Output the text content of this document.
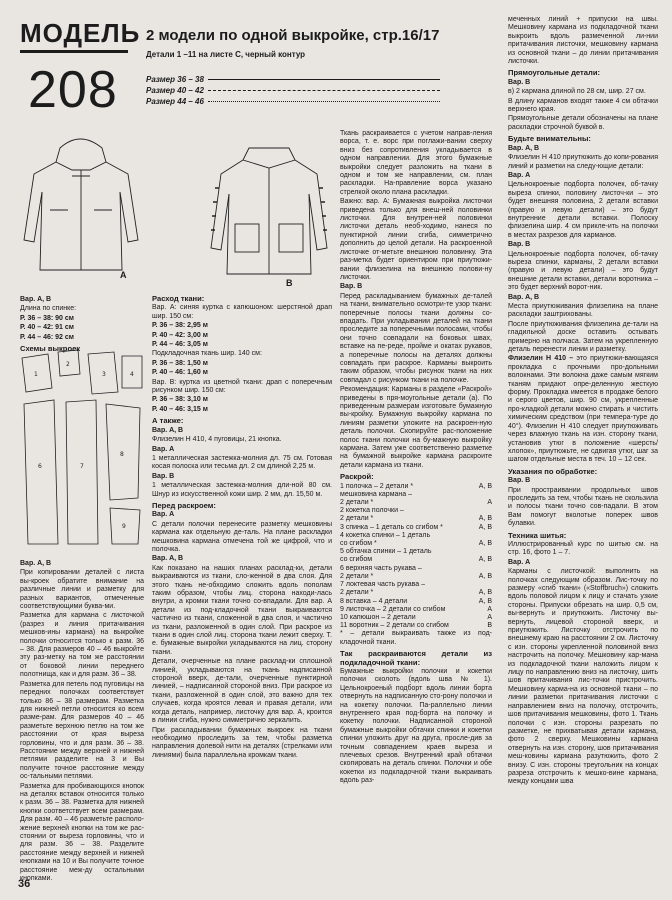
МОДЕЛЬ
208
2 модели по одной выкройке, стр.16/17
Детали 1 –11 на листе С, черный контур
Размер 36 – 38
Размер 40 – 42
Размер 44 – 46
A
B

Вар. А, В

Длина по спинке:

Р. 36 – 38: 90 см

Р. 40 – 42: 91 см

Р. 44 – 46: 92 см

Схемы выкроек

1
2
3	4
6	7
8
9

Вар. А, В

При копировании деталей с листа вы-кроек обратите внимание на различные линии и разметку для разных вариантов, отмеченные соответствующими буква-ми.

Разметка для кармана с листочкой (разрез и линия притачивания мешков-ины кармана) на выкройке полочки относится только к разм. 36 – 38. Для размеров 40 – 46 выкройте эту раз-метку на том же расстоянии от боковой линии переднего полотнища, как и для разм. 36 – 38.

Разметка для петель под пуговицы на передних полочках соответствует только 86 – 38 размерам. Разметка для нижней петли относится ко всем разме-рам. Для размеров 40 – 46 разметьте верхнюю петлю на том же расстоянии от края выреза горловины, что и для разм. 36 – 38. Расстояние между верхней и нижней петлями разделите на 3 и Вы получите точное расстояние между ос-тальными петлями.

Разметка для пробивающихся кнопок на деталях вставок относится только к разм. 36 – 38. Разметка для нижней кнопки соответствует всем размерам. Для разм. 40 – 46 разметьте располо-жение верхней кнопки на том же рас-стоянии от выреза горловины, что и для разм. 36 – 38. Разделите расстояние между верхней и нижней кнопками на 10 и Вы получите точное расстояние меж-ду остальными кнопками.

Расход ткани:

Вар. А: синяя куртка с капюшоном: шерстяной драп шир. 150 см:

Р. 36 – 38: 2,95 м

Р. 40 – 42: 3,00 м

Р. 44 – 46: 3,05 м

Подкладочная ткань шир. 140 см:

Р. 36 – 38: 1,50 м

Р. 40 – 46: 1,60 м

Вар. В: куртка из цветной ткани: драп с поперечным рисунком шир. 150 см:

Р. 36 – 38: 3,10 м

Р. 40 – 46: 3,15 м

А также:

Вар. А, В

Флизелин Н 410, 4 пуговицы, 21 кнопка.

Вар. А

1 металлическая застежка-молния дл. 75 см. Готовая косая полоска или тесьма дл. 2 см длиной 2,25 м.

Вар. В

1 металлическая застежка-молния дли-ной 80 см. Шнур из искусственной кожи шир. 2 мм, дл. 15,50 м.

Перед раскроем:

Вар. А

С детали полочки перенесите разметку мешковины кармана как отдельную де-таль. На плане раскладки мешковина кармана отмечена той же цифрой, что и полочка.

Вар. А, В

Как показано на наших планах расклад-ки, детали выкраиваются из ткани, сло-женной в два слоя. Для этого ткань не-обходимо сложить вдоль пополам таким образом, чтобы лиц. сторона находи-лась внутри, а кромки ткани точно со-впадали. Для вар. А детали из под-кладочной ткани выкраиваются частично из ткани, сложенной в два слоя, и частично из ткани, разложенной в один слой. При раскрое из ткани в один слой лиц. сторона ткани лежит сверху. Т. е. бумажные выкройки укладываются на лиц. сторону ткани.

Детали, очерченные на плане расклад-ки сплошной линией, укладываются на ткань надписанной стороной вверх, де-тали, очерченные пунктирной линией, – надписанной стороной вниз. При раскрое из ткани, разложенной в один слой, это важно для тех случаев, когда кроятся левая и правая детали, или когда деталь, например, листочку для вар. А, кроится в линии сгиба, нужно симметрично зеркалить.

При раскладывании бумажных выкроек на ткани необходимо проследить за тем, чтобы разметка направления долевой нити на деталях (стрелками или линиями) была параллельна кромкам ткани.

Ткань раскраивается с учетом направ-ления ворса, т. е. ворс при поглажи-вании сверху вниз без сопротивления укладывается в одном направлении. Для этого бумажные выкройки следует разложить на ткани в одном и том же направлении, см. план раскладки. На-правление ворса указано стрелкой около плана раскладки.

Важно: вар. А: Бумажная выкройка листочки приведена только для внеш-ней половинки листочки. Для внутрен-ней половинки листочки деталь необ-ходимо, нанеся по пунктирной линии сгиба, симметрично дополнить до целой детали. На раскроенной листочке от-метьте внешнюю половинку. Эта раз-метка будет ориентиром при приутюжи-вании флизелина на внешнюю полови-ну листочки.

Вар. В

Перед раскладыванием бумажных де-талей на ткани, внимательно осмотри-те узор ткани: поперечные полосы ткани должны со-впадать. При укладывании деталей на ткани проследите за поперечными полосами, чтобы они точно совпадали на боковых швах, вставке на пе-реде, пройме и окатах рукавов, а поперечные полосы на деталях должны совпадать при раскрое. Карманы выкроить таким образом, чтобы рисунок ткани на них совпадал с рисунком ткани на полочке.

Рекомендация: Карманы в разделе «Раскрой» приведены в пря-моугольные детали (а). По приведенным размерам изготовьте бумажную вы-кройку. Бумажную выкройку кармана по линиям разметки уложите на раскроен-ную деталь полочки. Скопируйте рас-положение полос ткани полочки на бу-мажную выкройку кармана. Затем уже соответственно разметке на бумажной выкройке кармана раскроите детали кармана из ткани.

Раскрой:

1 полочка – 2 детали *	А, В
мешковина кармана –	
2 детали *	А
2 кокетка полочки –	
2 детали *	А, В
3 спинка – 1 деталь со сгибом *	А, В
4 кокетка спинки – 1 деталь	
со сгибом *	А, В
5 обтачка спинки – 1 деталь	
со сгибом	А, В
6 верхняя часть рукава –	
2 детали *	А, В
7 локтевая часть рукава –	
2 детали *	А, В
8 вставка – 4 детали	А, В
9 листочка – 2 детали со сгибом	А
10 капюшон – 2 детали	А
11 воротник – 2 детали со сгибом	В

* – детали выкраивать также из под-кладочной ткани.

Так раскраиваются детали из подкладочной ткани:

Бумажные выкройки полочки и кокетки полочки сколоть (вдоль шва № 1). Цельнокроеный подборт вдоль линии борта отвернуть на надписанную сто-рону полочки и на кокетку полочки. Па-раллельно линии внутреннего края под-борта на полочку и кокетку полочки. Надписанной стороной бумажные выкройки обтачки спинки и кокетки спинки уложить друг на друга, просле-див за точным совпадением краев выреза и плечевых срезов. Внутренний край обтачки скопировать на деталь спинки. Полочки и обе кокетки из подкладочной ткани выкраивать вдоль раз-

меченных линий + припуски на швы. Мешковину кармана из подкладочной ткани выкроить вдоль размеченной ли-нии притачивания листочки, мешковину кармана из основной ткани – до линии притачивания листочки.

Прямоугольные детали:

Вар. В

в) 2 кармана длиной по 28 см, шир. 27 см.

В длину карманов входят также 4 см обтачки верхнего края.

Прямоугольные детали обозначены на плане раскладки строчной буквой в.

Будьте внимательны:

Вар. А, В

Флизелин Н 410 приутюжить до копи-рования линий и разметки на следу-ющие детали:

Вар. А

Цельнокроеные подборта полочек, об-тачку выреза спинки, половину листоч-ки – это будет внешняя половина, 2 детали вставки (правую и левую детали) – это будут внутренние детали вставки. Полоску флизелина шир. 4 см прикле-ить на полочки в местах разрезов для карманов.

Вар. В

Цельнокроеные подборта полочек, об-тачку выреза спинки, карманы, 2 детали вставки (правую и левую детали) – это будут внешние детали вставки, детали воротника – это будет верхний ворот-ник.

Вар. А, В

Места приутюживания флизелина на плане раскладки заштрихованы.

После приутюживания флизелина де-тали на гладильной доске оставить остывать примерно на полчаса. Затем на укрепленную деталь перенести линии и разметку.

Флизелин Н 410 – это приутюжи-вающаяся прокладка с прочными про-дольными волокнами. Эти волокна даже самым мягким тканям придают опре-деленную жесткую форму. Прокладка имеется в продаже белого и серого цветов, шир. 90 см, укрепленные про-кладкой детали можно стирать и чистить химическим средством (при темпера-туре до 40°). Флизелин Н 410 следует приутюживать через влажную ткань на изн. сторону ткани, установив утюг в положение «шерсть/хлопок», приутюжьте, не сдвигая утюг, шаг за шагом отдельные места в теч. 10 – 12 сек.

Указания по обработке:

Вар. В

При простраивании продольных швов проследить за тем, чтобы ткань не скользила и полосы ткани точно сов-падали. В этом Вам помогут вколотые поперек швов булавки.

Техника шитья:

Иллюстрированный курс по шитью см. на стр. 16, фото 1 – 7.

Вар. А

Карманы с листочкой: выполнить на полочках следующим образом. Лис-точку по размеру «сгиб ткани» («Stoffbruch») сложить вдоль половой лицом к лицу и стачать узкие стороны. Припуски обрезать на шир. 0,5 см, вы-вернуть и приутюжить. Листочку вы-вернуть, лицевой стороной вверх, и приутюжить. Листочку отстрочить по внешнему краю на расстоянии 2 см. Листочку с изн. стороны укрепленной половиной вниз настрочить на полочку. Мешковину кар-мана из подкладочной ткани наложить лицом к лицу по направлению вниз на листочку, шить шов притачивания лис-точки пристрочить. Мешковину карма-на из основной ткани – по линии разметки притачивания листочки с направлением вниз на полочку, отстрочить, шов притачивания мешковины, фото 1. Ткань полочки с изн. стороны разрезать по разметке, не прихватывая детали кармана, фото 2 сверху. Мешковины кармана отвернуть на изн. сторону, шов притачивания меш-ковины кармана разутюжить, фото 2 внизу. С изн. стороны треугольник на концах разреза отстрочить к мешко-вине кармана, между концами шва

36
